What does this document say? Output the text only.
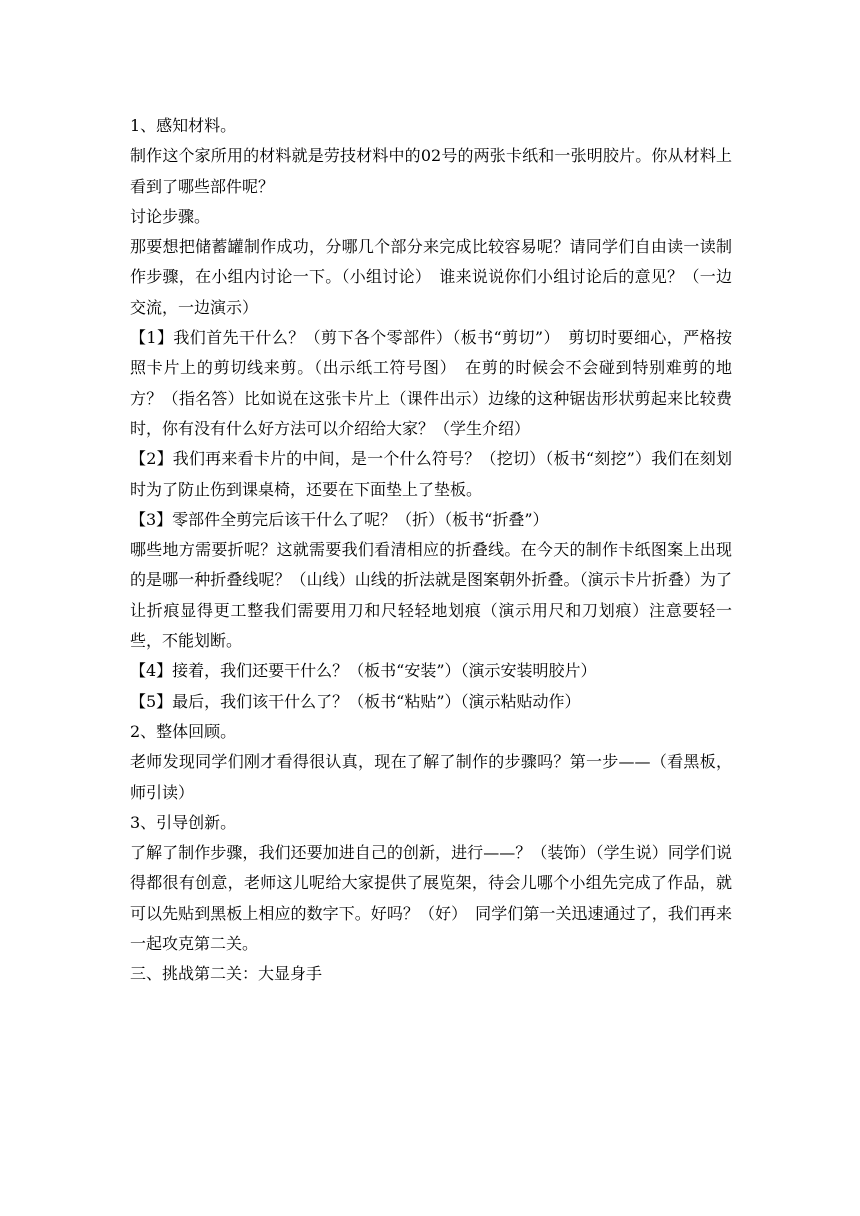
1、感知材料。

制作这个家所用的材料就是劳技材料中的02号的两张卡纸和一张明胶片。你从材料上看到了哪些部件呢？

讨论步骤。

那要想把储蓄罐制作成功，分哪几个部分来完成比较容易呢？请同学们自由读一读制作步骤，在小组内讨论一下。（小组讨论）　谁来说说你们小组讨论后的意见？（一边交流，一边演示）

【1】我们首先干什么？（剪下各个零部件）（板书“剪切”）　剪切时要细心，严格按照卡片上的剪切线来剪。（出示纸工符号图）　在剪的时候会不会碰到特别难剪的地方？（指名答）比如说在这张卡片上（课件出示）边缘的这种锯齿形状剪起来比较费时，你有没有什么好方法可以介绍给大家？（学生介绍）

【2】我们再来看卡片的中间，是一个什么符号？（挖切）（板书“刻挖”）我们在刻划时为了防止伤到课桌椅，还要在下面垫上了垫板。

【3】零部件全剪完后该干什么了呢？（折）（板书“折叠”）

哪些地方需要折呢？这就需要我们看清相应的折叠线。在今天的制作卡纸图案上出现的是哪一种折叠线呢？（山线）山线的折法就是图案朝外折叠。（演示卡片折叠）为了让折痕显得更工整我们需要用刀和尺轻轻地划痕（演示用尺和刀划痕）注意要轻一些，不能划断。

【4】接着，我们还要干什么？（板书“安装”）（演示安装明胶片）

【5】最后，我们该干什么了？（板书“粘贴”）（演示粘贴动作）

2、整体回顾。

老师发现同学们刚才看得很认真，现在了解了制作的步骤吗？第一步——（看黑板，师引读）

3、引导创新。

了解了制作步骤，我们还要加进自己的创新，进行——？（装饰）（学生说）同学们说得都很有创意，老师这儿呢给大家提供了展览架，待会儿哪个小组先完成了作品，就可以先贴到黑板上相应的数字下。好吗？（好）　同学们第一关迅速通过了，我们再来一起攻克第二关。

三、挑战第二关：大显身手
